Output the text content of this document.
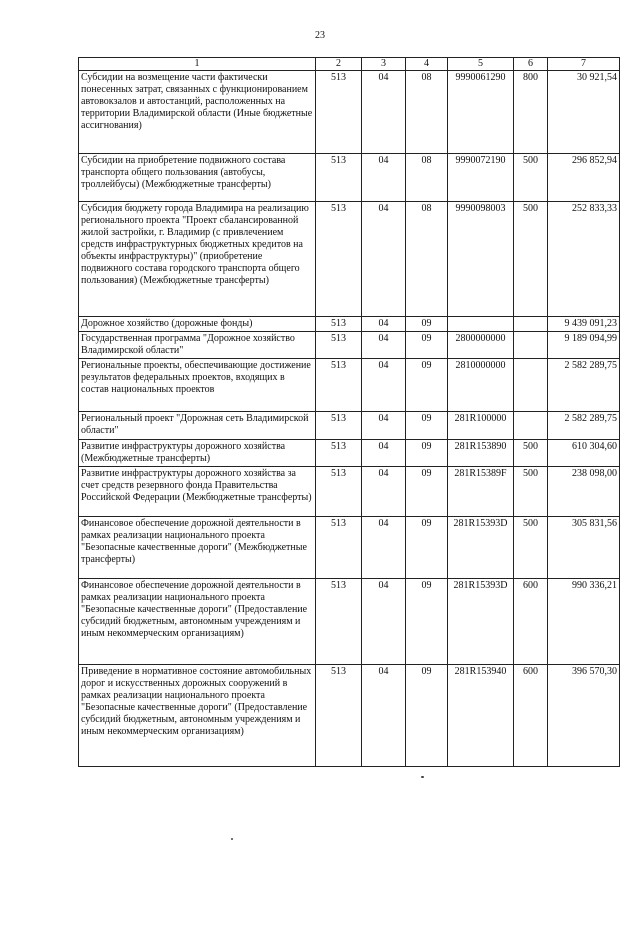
23
1	2	3	4	5	6	7
Субсидии на возмещение части фактически понесенных затрат, связанных с функционированием автовокзалов и автостанций, расположенных на территории Владимирской области (Иные бюджетные ассигнования)	513	04	08	9990061290	800	30 921,54
Субсидии на приобретение подвижного состава транспорта общего пользования (автобусы, троллейбусы) (Межбюджетные трансферты)	513	04	08	9990072190	500	296 852,94
Субсидия бюджету города Владимира на реализацию регионального проекта "Проект сбалансированной жилой застройки, г. Владимир (с привлечением средств инфраструктурных бюджетных кредитов на объекты инфраструктуры)" (приобретение подвижного состава городского транспорта общего пользования) (Межбюджетные трансферты)	513	04	08	9990098003	500	252 833,33
Дорожное хозяйство (дорожные фонды)	513	04	09			9 439 091,23
Государственная программа "Дорожное хозяйство Владимирской области"	513	04	09	2800000000		9 189 094,99
Региональные проекты, обеспечивающие достижение результатов федеральных проектов, входящих в состав национальных проектов	513	04	09	2810000000		2 582 289,75
Региональный проект "Дорожная сеть Владимирской области"	513	04	09	281R100000		2 582 289,75
Развитие инфраструктуры дорожного хозяйства (Межбюджетные трансферты)	513	04	09	281R153890	500	610 304,60
Развитие инфраструктуры дорожного хозяйства за счет средств резервного фонда Правительства Российской Федерации (Межбюджетные трансферты)	513	04	09	281R15389F	500	238 098,00
Финансовое обеспечение дорожной деятельности в рамках реализации национального проекта "Безопасные качественные дороги" (Межбюджетные трансферты)	513	04	09	281R15393D	500	305 831,56
Финансовое обеспечение дорожной деятельности в рамках реализации национального проекта "Безопасные качественные дороги" (Предоставление субсидий бюджетным, автономным учреждениям и иным некоммерческим организациям)	513	04	09	281R15393D	600	990 336,21
Приведение в нормативное состояние автомобильных дорог и искусственных дорожных сооружений в рамках реализации национального проекта "Безопасные качественные дороги" (Предоставление субсидий бюджетным, автономным учреждениям и иным некоммерческим организациям)	513	04	09	281R153940	600	396 570,30
